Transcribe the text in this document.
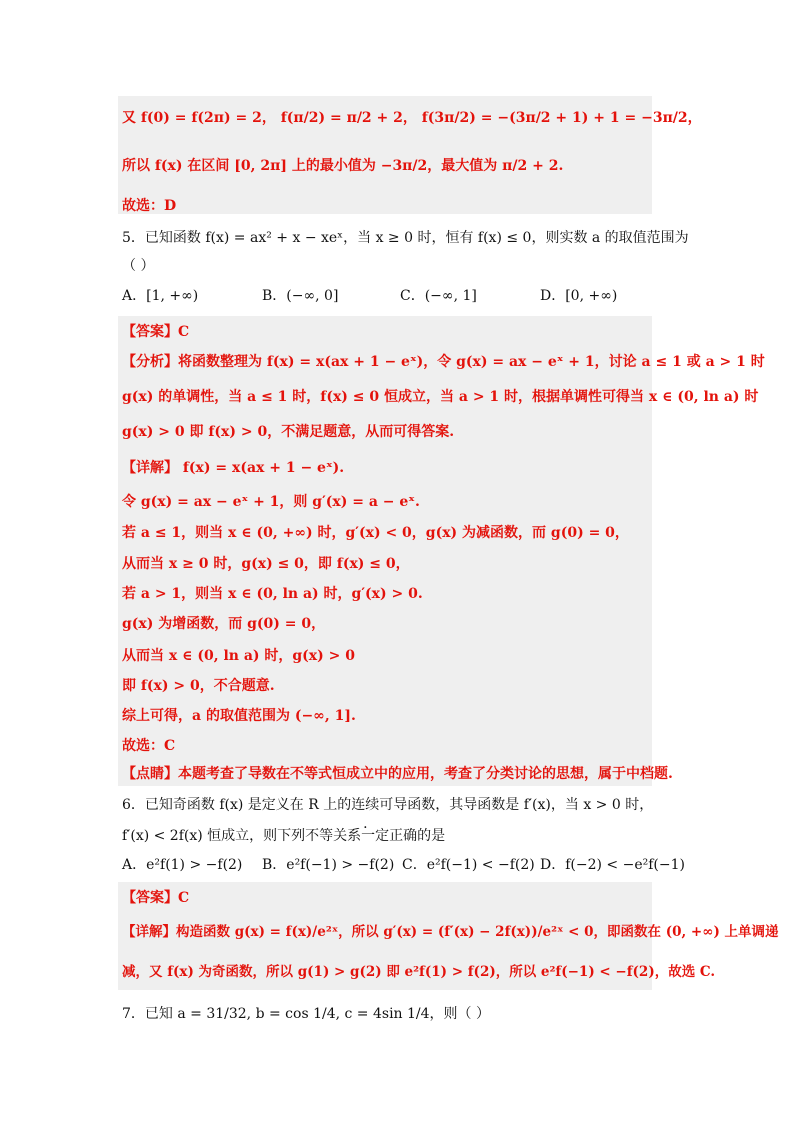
又 f(0) = f(2π) = 2， f(π/2) = π/2 + 2， f(3π/2) = −(3π/2 + 1) + 1 = −3π/2，
所以 f(x) 在区间 [0, 2π] 上的最小值为 −3π/2，最大值为 π/2 + 2.
故选：D
5．已知函数 f(x) = ax² + x − xeˣ，当 x ≥ 0 时，恒有 f(x) ≤ 0，则实数 a 的取值范围为
（ ）
A．[1, +∞)	B．(−∞, 0]	C．(−∞, 1]	D．[0, +∞)
【答案】C
【分析】将函数整理为 f(x) = x(ax + 1 − eˣ)，令 g(x) = ax − eˣ + 1，讨论 a ≤ 1 或 a > 1 时
g(x) 的单调性，当 a ≤ 1 时，f(x) ≤ 0 恒成立，当 a > 1 时，根据单调性可得当 x ∈ (0, ln a) 时
g(x) > 0 即 f(x) > 0，不满足题意，从而可得答案.
【详解】 f(x) = x(ax + 1 − eˣ).
令 g(x) = ax − eˣ + 1，则 g′(x) = a − eˣ.
若 a ≤ 1，则当 x ∈ (0, +∞) 时，g′(x) < 0，g(x) 为减函数，而 g(0) = 0，
从而当 x ≥ 0 时，g(x) ≤ 0，即 f(x) ≤ 0，
若 a > 1，则当 x ∈ (0, ln a) 时，g′(x) > 0.
g(x) 为增函数，而 g(0) = 0，
从而当 x ∈ (0, ln a) 时，g(x) > 0
即 f(x) > 0，不合题意.
综上可得，a 的取值范围为 (−∞, 1].
故选：C
【点睛】本题考查了导数在不等式恒成立中的应用，考查了分类讨论的思想，属于中档题.
6．已知奇函数 f(x) 是定义在 R 上的连续可导函数，其导函数是 f′(x)，当 x > 0 时，
f′(x) < 2f(x) 恒成立，则下列不等关系一定正确的是
A．e²f(1) > −f(2) B．e²f(−1) > −f(2) C．e²f(−1) < −f(2) D．f(−2) < −e²f(−1)
【答案】C
【详解】构造函数 g(x) = f(x)/e²ˣ，所以 g′(x) = (f′(x) − 2f(x))/e²ˣ < 0，即函数在 (0, +∞) 上单调递
减，又 f(x) 为奇函数，所以 g(1) > g(2) 即 e²f(1) > f(2)，所以 e²f(−1) < −f(2)，故选 C.
7．已知 a = 31/32, b = cos 1/4, c = 4sin 1/4，则（ ）
